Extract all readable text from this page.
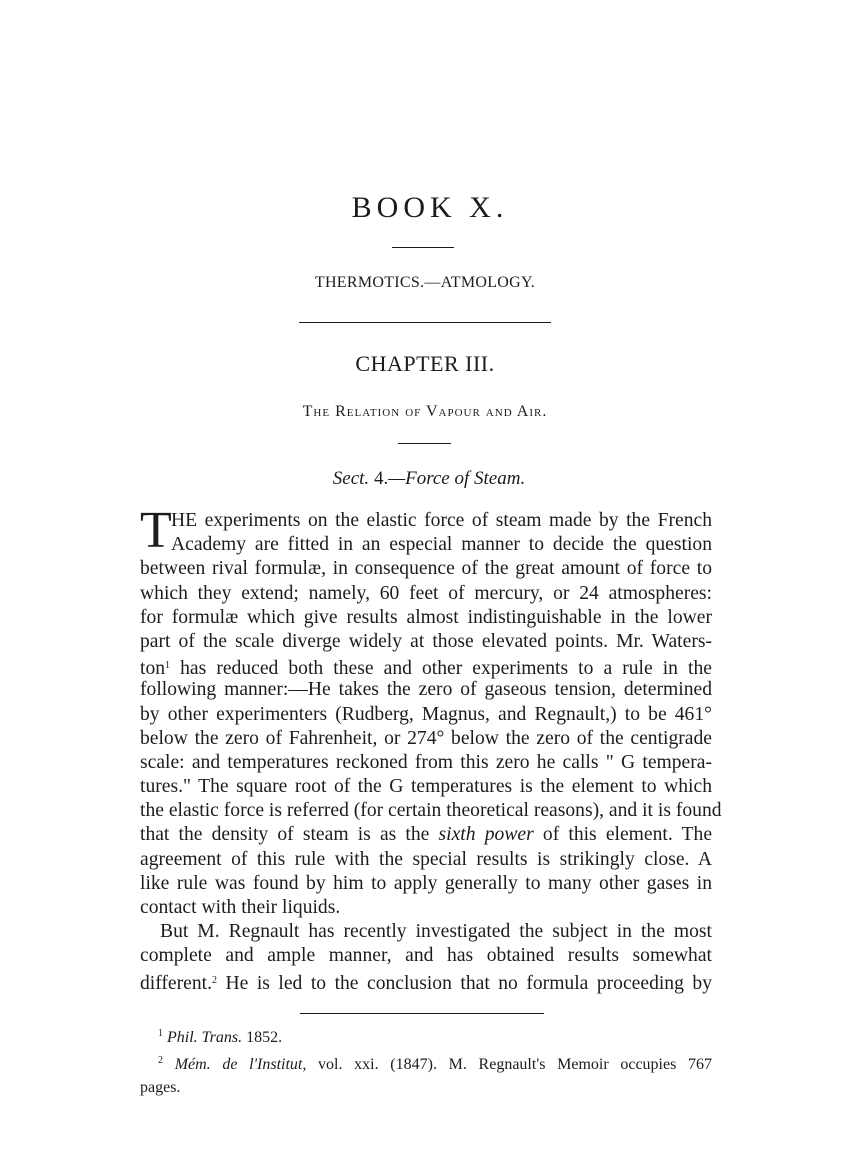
BOOK X.
THERMOTICS.—ATMOLOGY.
CHAPTER III.
The Relation of Vapour and Air.
Sect. 4.—Force of Steam.
T HE experiments on the elastic force of steam made by the French
Academy are fitted in an especial manner to decide the question
between rival formulæ, in consequence of the great amount of force to
which they extend; namely, 60 feet of mercury, or 24 atmospheres:
for formulæ which give results almost indistinguishable in the lower
part of the scale diverge widely at those elevated points. Mr. Waters-
ton$^1$ has reduced both these and other experiments to a rule in the
following manner:—He takes the zero of gaseous tension, determined
by other experimenters (Rudberg, Magnus, and Regnault,) to be 461°
below the zero of Fahrenheit, or 274° below the zero of the centigrade
scale: and temperatures reckoned from this zero he calls " G tempera-
tures." The square root of the G temperatures is the element to which
the elastic force is referred (for certain theoretical reasons), and it is found
that the density of steam is as the sixth power of this element. The
agreement of this rule with the special results is strikingly close. A
like rule was found by him to apply generally to many other gases in
contact with their liquids.
But M. Regnault has recently investigated the subject in the most
complete and ample manner, and has obtained results somewhat
different.$^2$ He is led to the conclusion that no formula proceeding by
$^1$ Phil. Trans. 1852.
$^2$ Mém. de l'Institut, vol. xxi. (1847). M. Regnault's Memoir occupies 767
pages.
